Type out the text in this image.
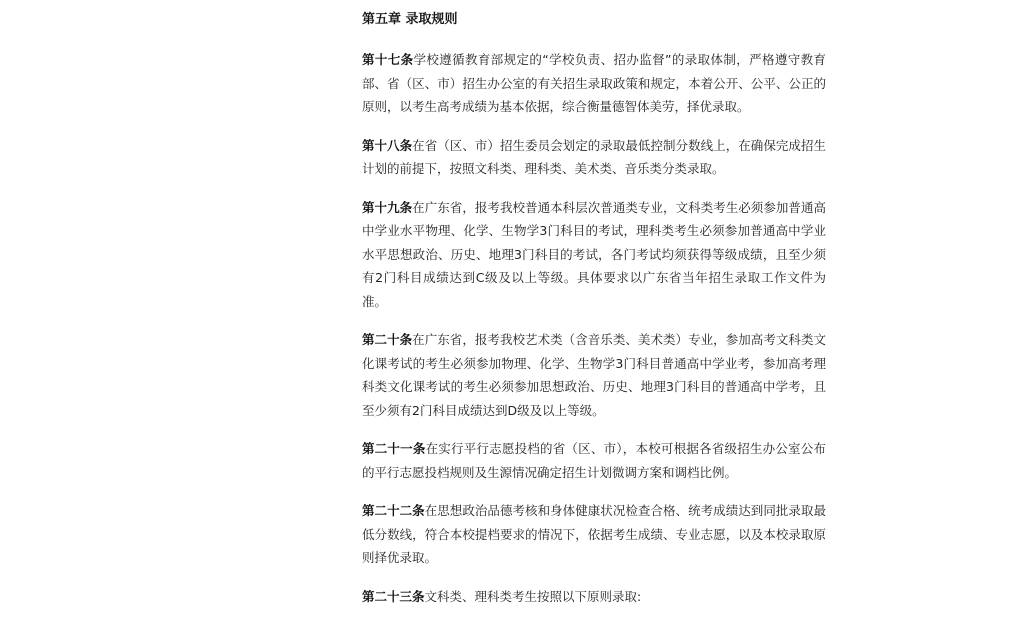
第五章 录取规则

第十七条学校遵循教育部规定的“学校负责、招办监督”的录取体制，严格遵守教育部、省（区、市）招生办公室的有关招生录取政策和规定，本着公开、公平、公正的原则，以考生高考成绩为基本依据，综合衡量德智体美劳，择优录取。

第十八条在省（区、市）招生委员会划定的录取最低控制分数线上，在确保完成招生计划的前提下，按照文科类、理科类、美术类、音乐类分类录取。

第十九条在广东省，报考我校普通本科层次普通类专业，文科类考生必须参加普通高中学业水平物理、化学、生物学3门科目的考试，理科类考生必须参加普通高中学业水平思想政治、历史、地理3门科目的考试，各门考试均须获得等级成绩，且至少须有2门科目成绩达到C级及以上等级。具体要求以广东省当年招生录取工作文件为准。

第二十条在广东省，报考我校艺术类（含音乐类、美术类）专业，参加高考文科类文化课考试的考生必须参加物理、化学、生物学3门科目普通高中学业考，参加高考理科类文化课考试的考生必须参加思想政治、历史、地理3门科目的普通高中学考，且至少须有2门科目成绩达到D级及以上等级。

第二十一条在实行平行志愿投档的省（区、市），本校可根据各省级招生办公室公布的平行志愿投档规则及生源情况确定招生计划微调方案和调档比例。

第二十二条在思想政治品德考核和身体健康状况检查合格、统考成绩达到同批录取最低分数线，符合本校提档要求的情况下，依据考生成绩、专业志愿，以及本校录取原则择优录取。

第二十三条文科类、理科类考生按照以下原则录取:
